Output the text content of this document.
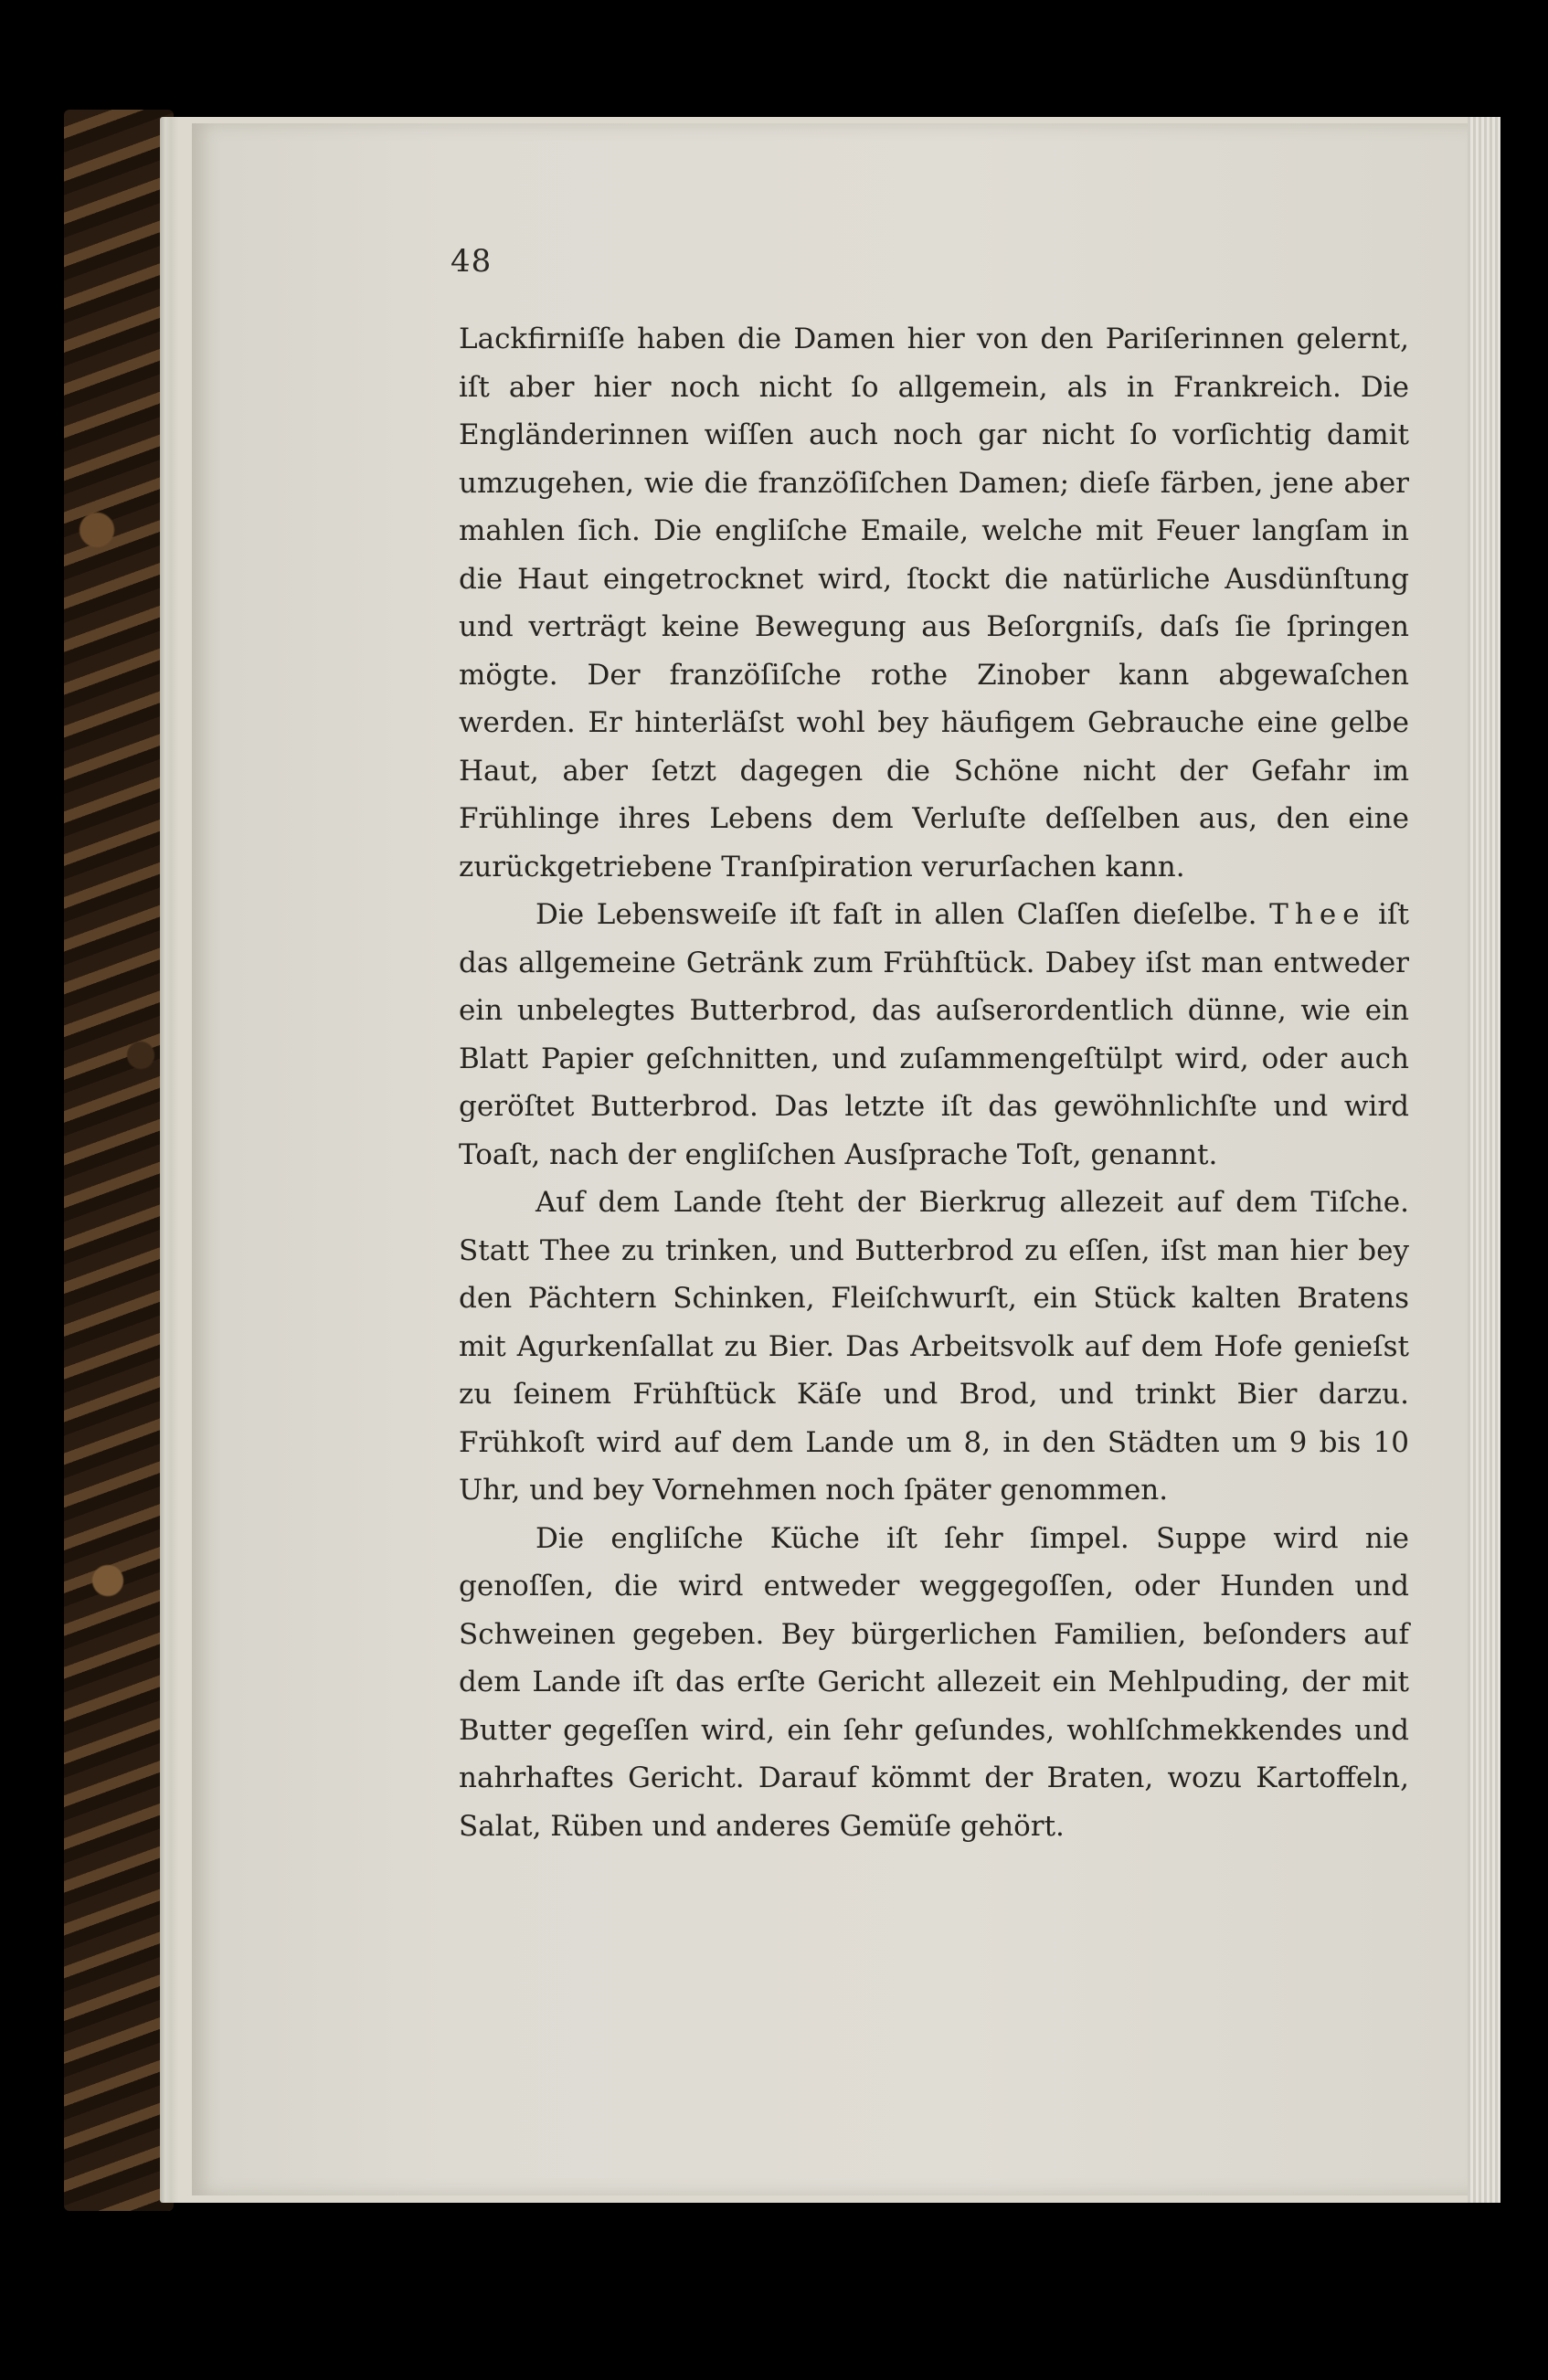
48

Lackfirniſſe haben die Damen hier von den Pariſerinnen gelernt, iſt aber hier noch nicht ſo allgemein, als in Frankreich. Die Engländerinnen wiſſen auch noch gar nicht ſo vorſichtig damit umzugehen, wie die franzöſiſchen Damen; dieſe färben, jene aber mahlen ſich. Die engliſche Emaile, welche mit Feuer langſam in die Haut eingetrocknet wird, ſtockt die natürliche Ausdünſtung und verträgt keine Bewegung aus Beſorgniſs, daſs ſie ſpringen mögte. Der franzöſiſche rothe Zinober kann abgewaſchen werden. Er hinterläſst wohl bey häufigem Gebrauche eine gelbe Haut, aber ſetzt dagegen die Schöne nicht der Gefahr im Frühlinge ihres Lebens dem Verluſte deſſelben aus, den eine zurückgetriebene Tranſpiration verurſachen kann.

Die Lebensweiſe iſt faſt in allen Claſſen dieſelbe. Thee iſt das allgemeine Getränk zum Frühſtück. Dabey iſst man entweder ein unbelegtes Butterbrod, das auſserordentlich dünne, wie ein Blatt Papier geſchnitten, und zuſammengeſtülpt wird, oder auch geröſtet Butterbrod. Das letzte iſt das gewöhnlichſte und wird Toaſt, nach der engliſchen Ausſprache Toſt, genannt.

Auf dem Lande ſteht der Bierkrug allezeit auf dem Tiſche. Statt Thee zu trinken, und Butterbrod zu eſſen, iſst man hier bey den Pächtern Schinken, Fleiſchwurſt, ein Stück kalten Bratens mit Agurkenſallat zu Bier. Das Arbeitsvolk auf dem Hofe genieſst zu ſeinem Frühſtück Käſe und Brod, und trinkt Bier darzu. Frühkoſt wird auf dem Lande um 8, in den Städten um 9 bis 10 Uhr, und bey Vornehmen noch ſpäter genommen.

Die engliſche Küche iſt ſehr ſimpel. Suppe wird nie genoſſen, die wird entweder weggegoſſen, oder Hunden und Schweinen gegeben. Bey bürgerlichen Familien, beſonders auf dem Lande iſt das erſte Gericht allezeit ein Mehlpuding, der mit Butter gegeſſen wird, ein ſehr geſundes, wohlſchmekkendes und nahrhaftes Gericht. Darauf kömmt der Braten, wozu Kartoffeln, Salat, Rüben und anderes Gemüſe gehört.
